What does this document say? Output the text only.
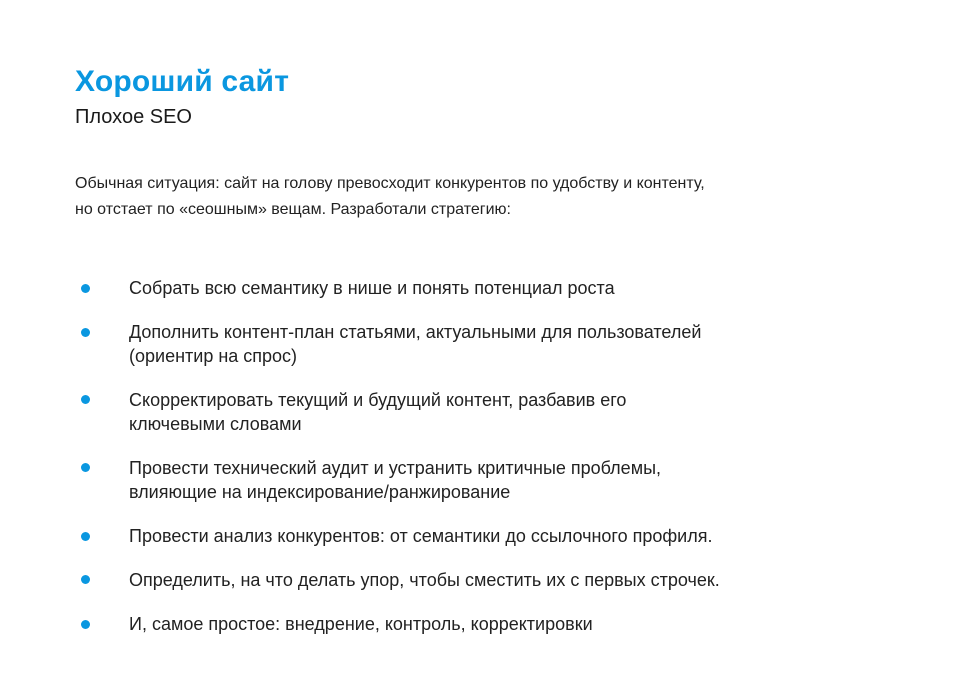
Хороший сайт
Плохое SEO

Обычная ситуация: сайт на голову превосходит конкурентов по удобству и контенту,

но отстает по «сеошным» вещам. Разработали стратегию:

Собрать всю семантику в нише и понять потенциал роста
Дополнить контент-план статьями, актуальными для пользователей
(ориентир на спрос)
Скорректировать текущий и будущий контент, разбавив его
ключевыми словами
Провести технический аудит и устранить критичные проблемы,
влияющие на индексирование/ранжирование
Провести анализ конкурентов: от семантики до ссылочного профиля.
Определить, на что делать упор, чтобы сместить их с первых строчек.
И, самое простое: внедрение, контроль, корректировки
